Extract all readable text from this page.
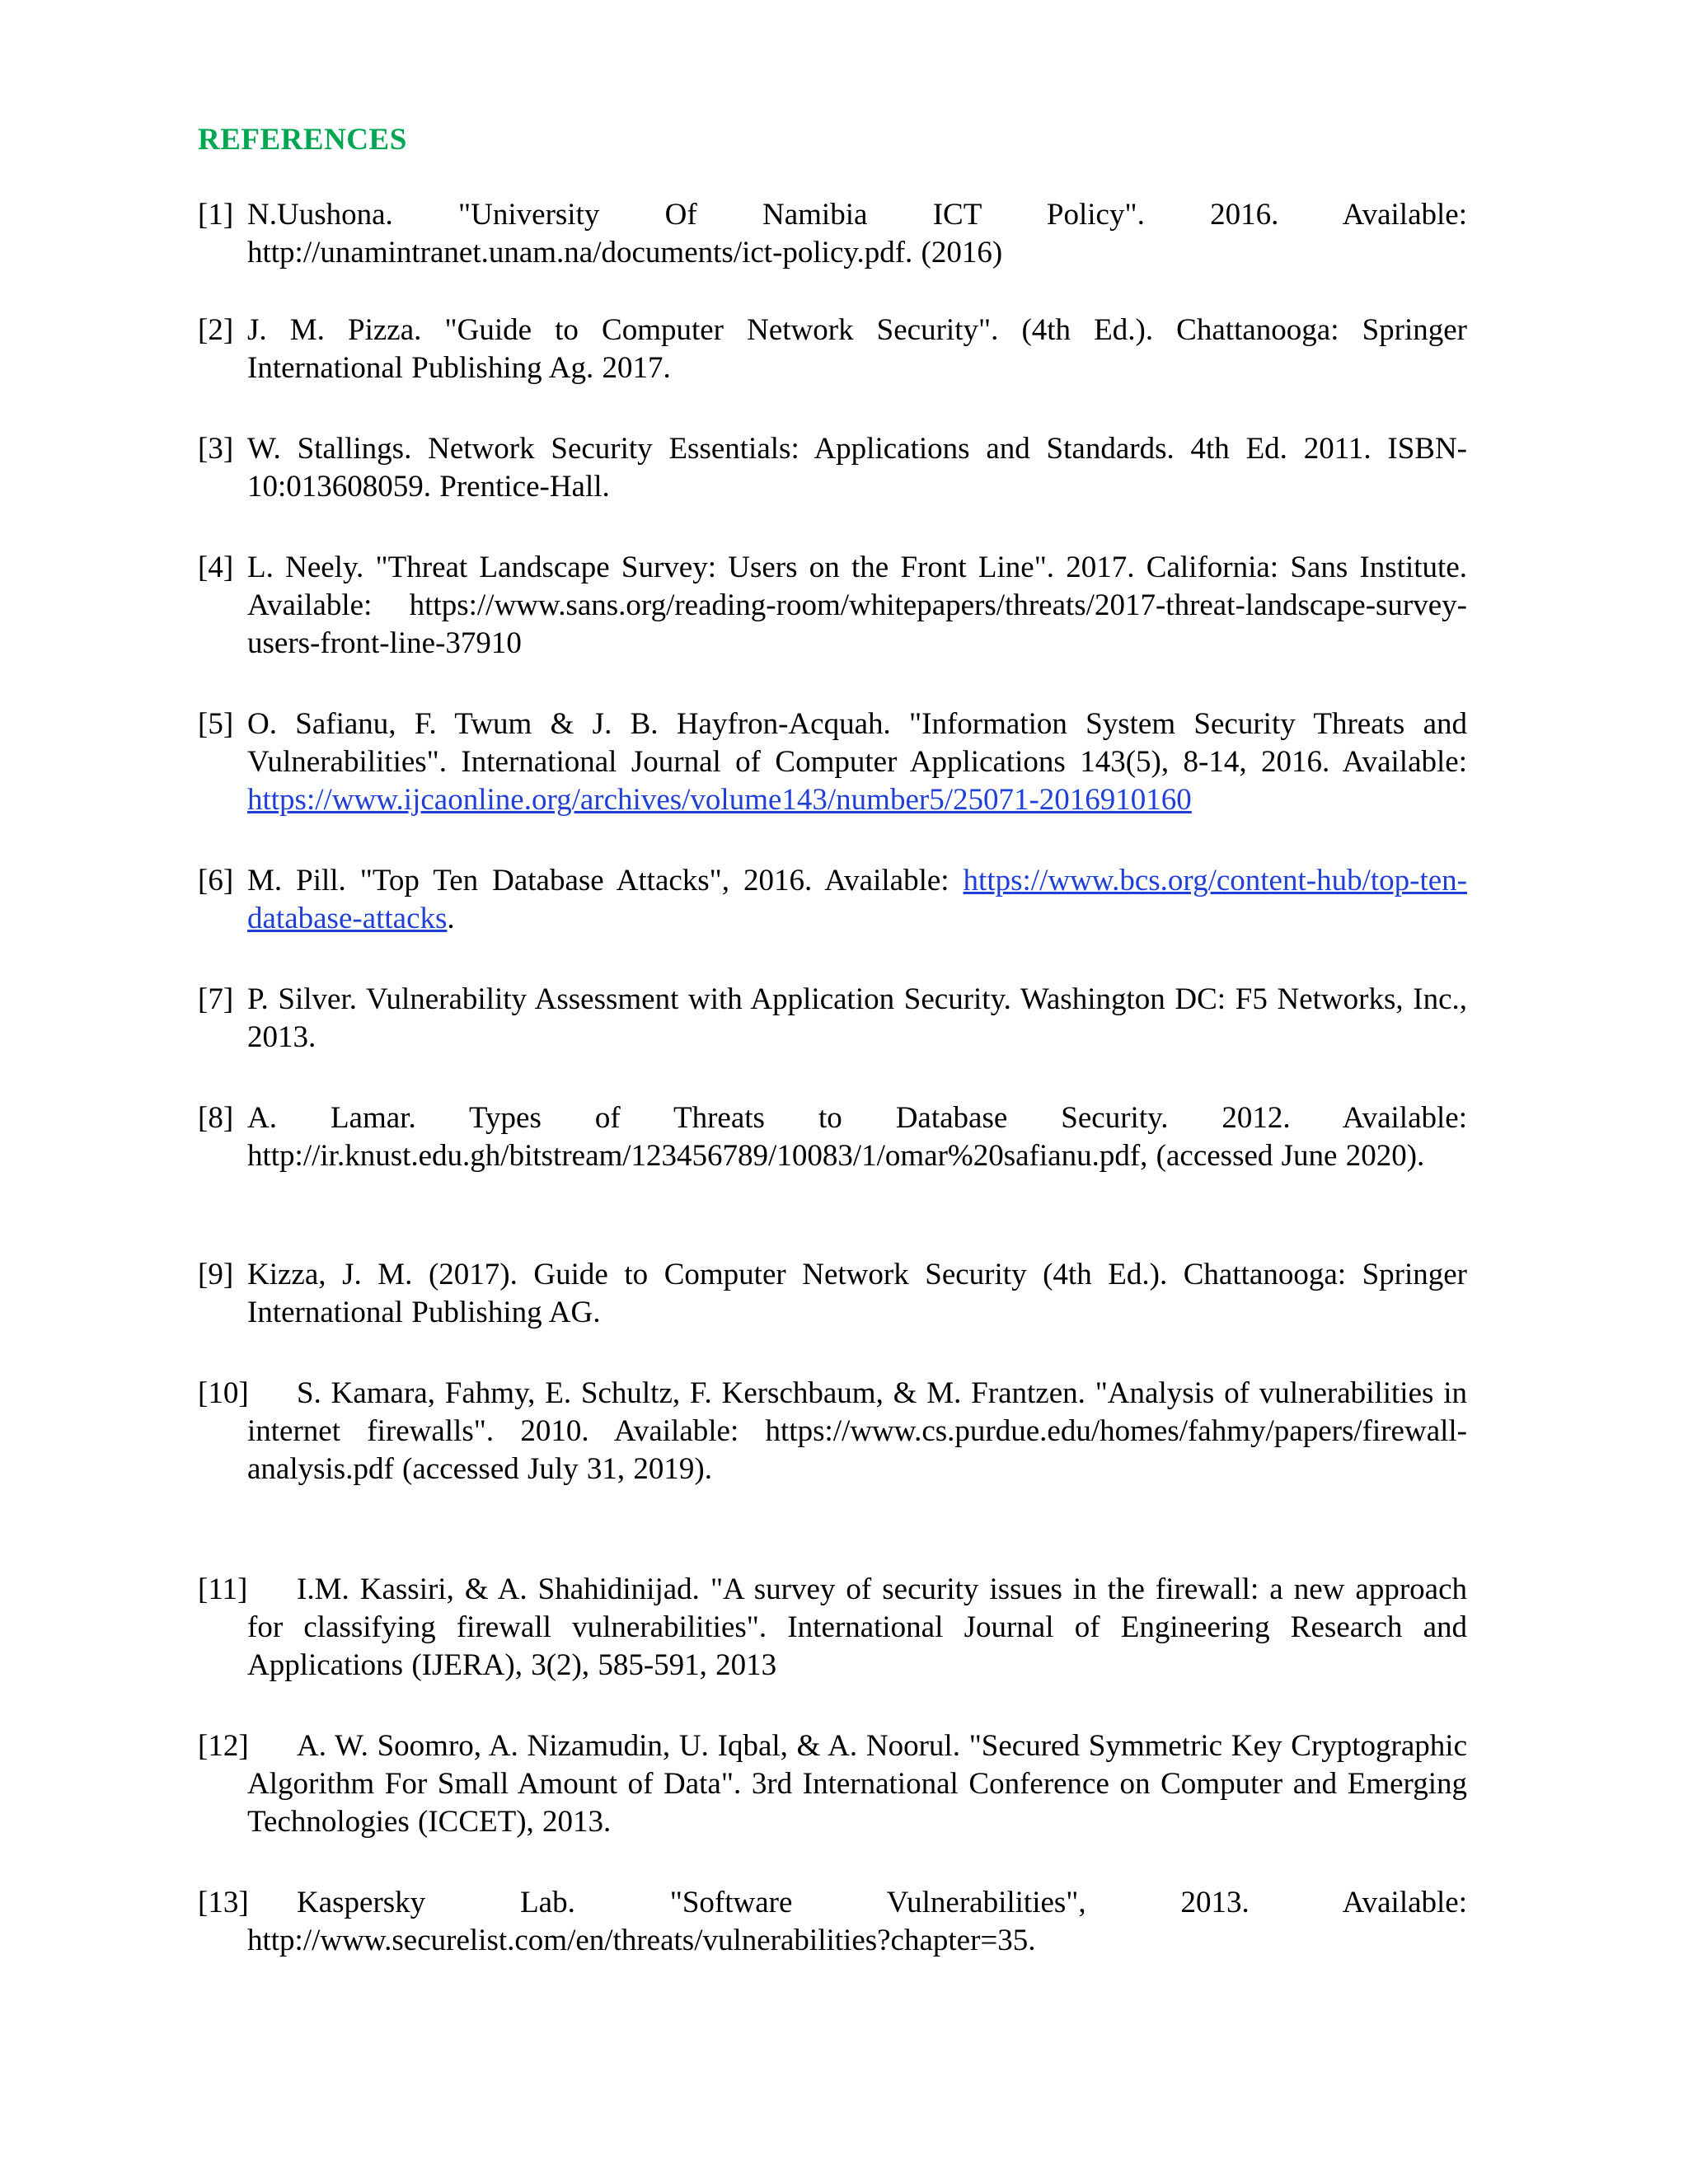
REFERENCES
[1] N.Uushona. "University Of Namibia ICT Policy". 2016. Available:
http://unamintranet.unam.na/documents/ict-policy.pdf. (2016)
[2] J. M. Pizza. "Guide to Computer Network Security". (4th Ed.). Chattanooga: Springer International Publishing Ag. 2017.
[3] W. Stallings. Network Security Essentials: Applications and Standards. 4th Ed. 2011. ISBN-10:013608059. Prentice-Hall.
[4] L. Neely. "Threat Landscape Survey: Users on the Front Line". 2017. California: Sans Institute. Available: https://www.sans.org/reading-room/whitepapers/threats/2017-threat-landscape-survey-users-front-line-37910
[5] O. Safianu, F. Twum & J. B. Hayfron-Acquah. "Information System Security Threats and Vulnerabilities". International Journal of Computer Applications 143(5), 8-14, 2016. Available: https://www.ijcaonline.org/archives/volume143/number5/25071-2016910160
[6] M. Pill. "Top Ten Database Attacks", 2016. Available: https://www.bcs.org/content-hub/top-ten-database-attacks.
[7] P. Silver. Vulnerability Assessment with Application Security. Washington DC: F5 Networks, Inc., 2013.
[8] A. Lamar. Types of Threats to Database Security. 2012. Available:
http://ir.knust.edu.gh/bitstream/123456789/10083/1/omar%20safianu.pdf, (accessed June 2020).
[9] Kizza, J. M. (2017). Guide to Computer Network Security (4th Ed.). Chattanooga: Springer International Publishing AG.
[10] S. Kamara, Fahmy, E. Schultz, F. Kerschbaum, & M. Frantzen. "Analysis of vulnerabilities in internet firewalls". 2010. Available: https://www.cs.purdue.edu/homes/fahmy/papers/firewall-analysis.pdf (accessed July 31, 2019).
[11] I.M. Kassiri, & A. Shahidinijad. "A survey of security issues in the firewall: a new approach for classifying firewall vulnerabilities". International Journal of Engineering Research and Applications (IJERA), 3(2), 585-591, 2013
[12] A. W. Soomro, A. Nizamudin, U. Iqbal, & A. Noorul. "Secured Symmetric Key Cryptographic Algorithm For Small Amount of Data". 3rd International Conference on Computer and Emerging Technologies (ICCET), 2013.
[13] Kaspersky Lab. "Software Vulnerabilities", 2013. Available:
http://www.securelist.com/en/threats/vulnerabilities?chapter=35.
